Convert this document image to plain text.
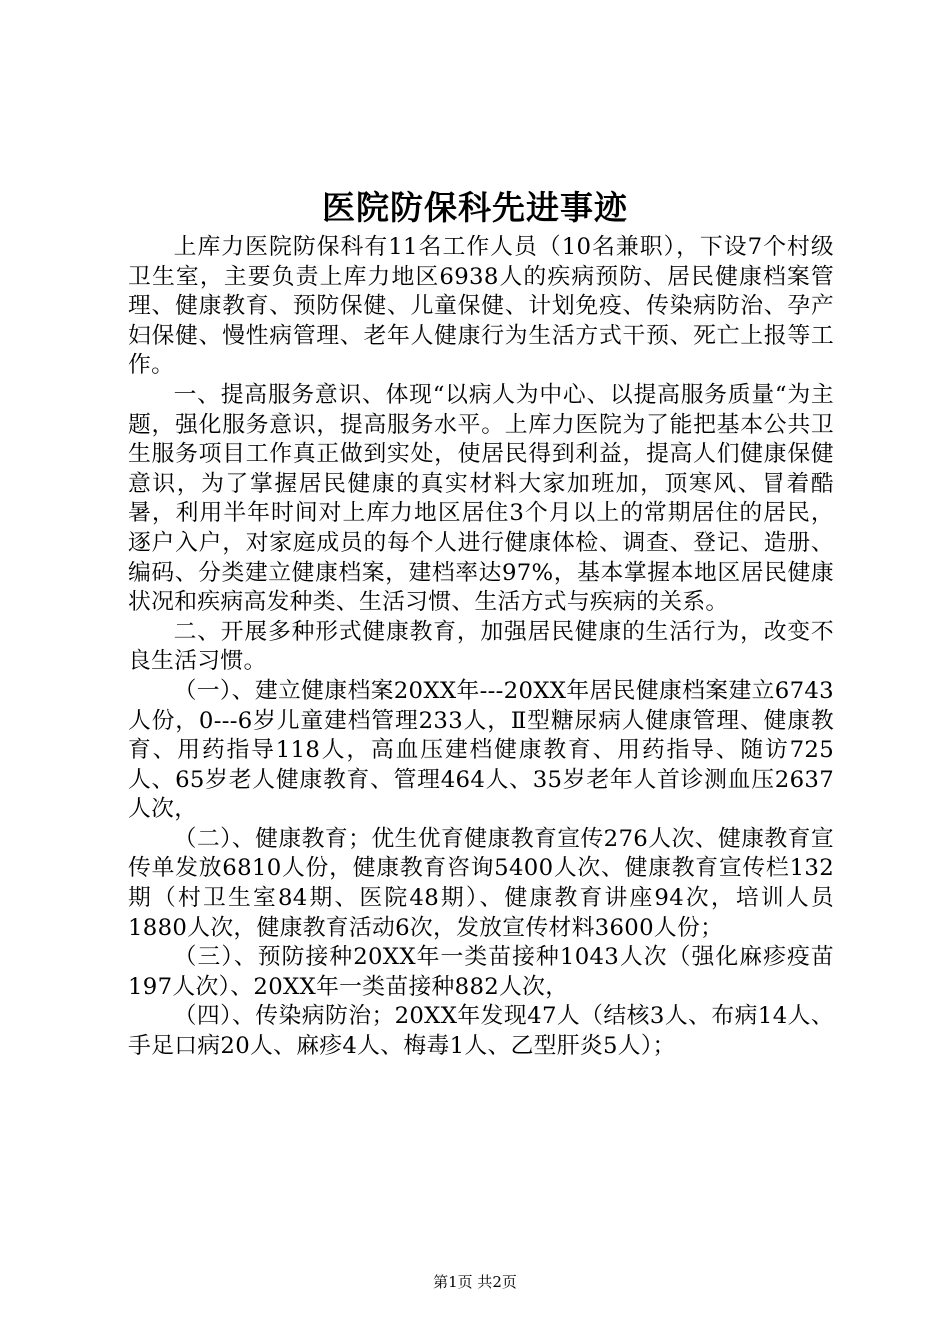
医院防保科先进事迹

上库力医院防保科有11名工作人员（10名兼职），下设7个村级卫生室，主要负责上库力地区6938人的疾病预防、居民健康档案管理、健康教育、预防保健、儿童保健、计划免疫、传染病防治、孕产妇保健、慢性病管理、老年人健康行为生活方式干预、死亡上报等工作。

一、提高服务意识、体现“以病人为中心、以提高服务质量“为主题，强化服务意识，提高服务水平。上库力医院为了能把基本公共卫生服务项目工作真正做到实处，使居民得到利益，提高人们健康保健意识，为了掌握居民健康的真实材料大家加班加，顶寒风、冒着酷暑，利用半年时间对上库力地区居住3个月以上的常期居住的居民，逐户入户，对家庭成员的每个人进行健康体检、调查、登记、造册、编码、分类建立健康档案，建档率达97%，基本掌握本地区居民健康状况和疾病高发种类、生活习惯、生活方式与疾病的关系。

二、开展多种形式健康教育，加强居民健康的生活行为，改变不良生活习惯。

（一）、建立健康档案20XX年---20XX年居民健康档案建立6743人份，0---6岁儿童建档管理233人，Ⅱ型糖尿病人健康管理、健康教育、用药指导118人，高血压建档健康教育、用药指导、随访725人、65岁老人健康教育、管理464人、35岁老年人首诊测血压2637人次，

（二）、健康教育；优生优育健康教育宣传276人次、健康教育宣传单发放6810人份，健康教育咨询5400人次、健康教育宣传栏132期（村卫生室84期、医院48期）、健康教育讲座94次，培训人员1880人次，健康教育活动6次，发放宣传材料3600人份；

（三）、预防接种20XX年一类苗接种1043人次（强化麻疹疫苗197人次）、20XX年一类苗接种882人次，

（四）、传染病防治；20XX年发现47人（结核3人、布病14人、手足口病20人、麻疹4人、梅毒1人、乙型肝炎5人）；

第1页 共2页
